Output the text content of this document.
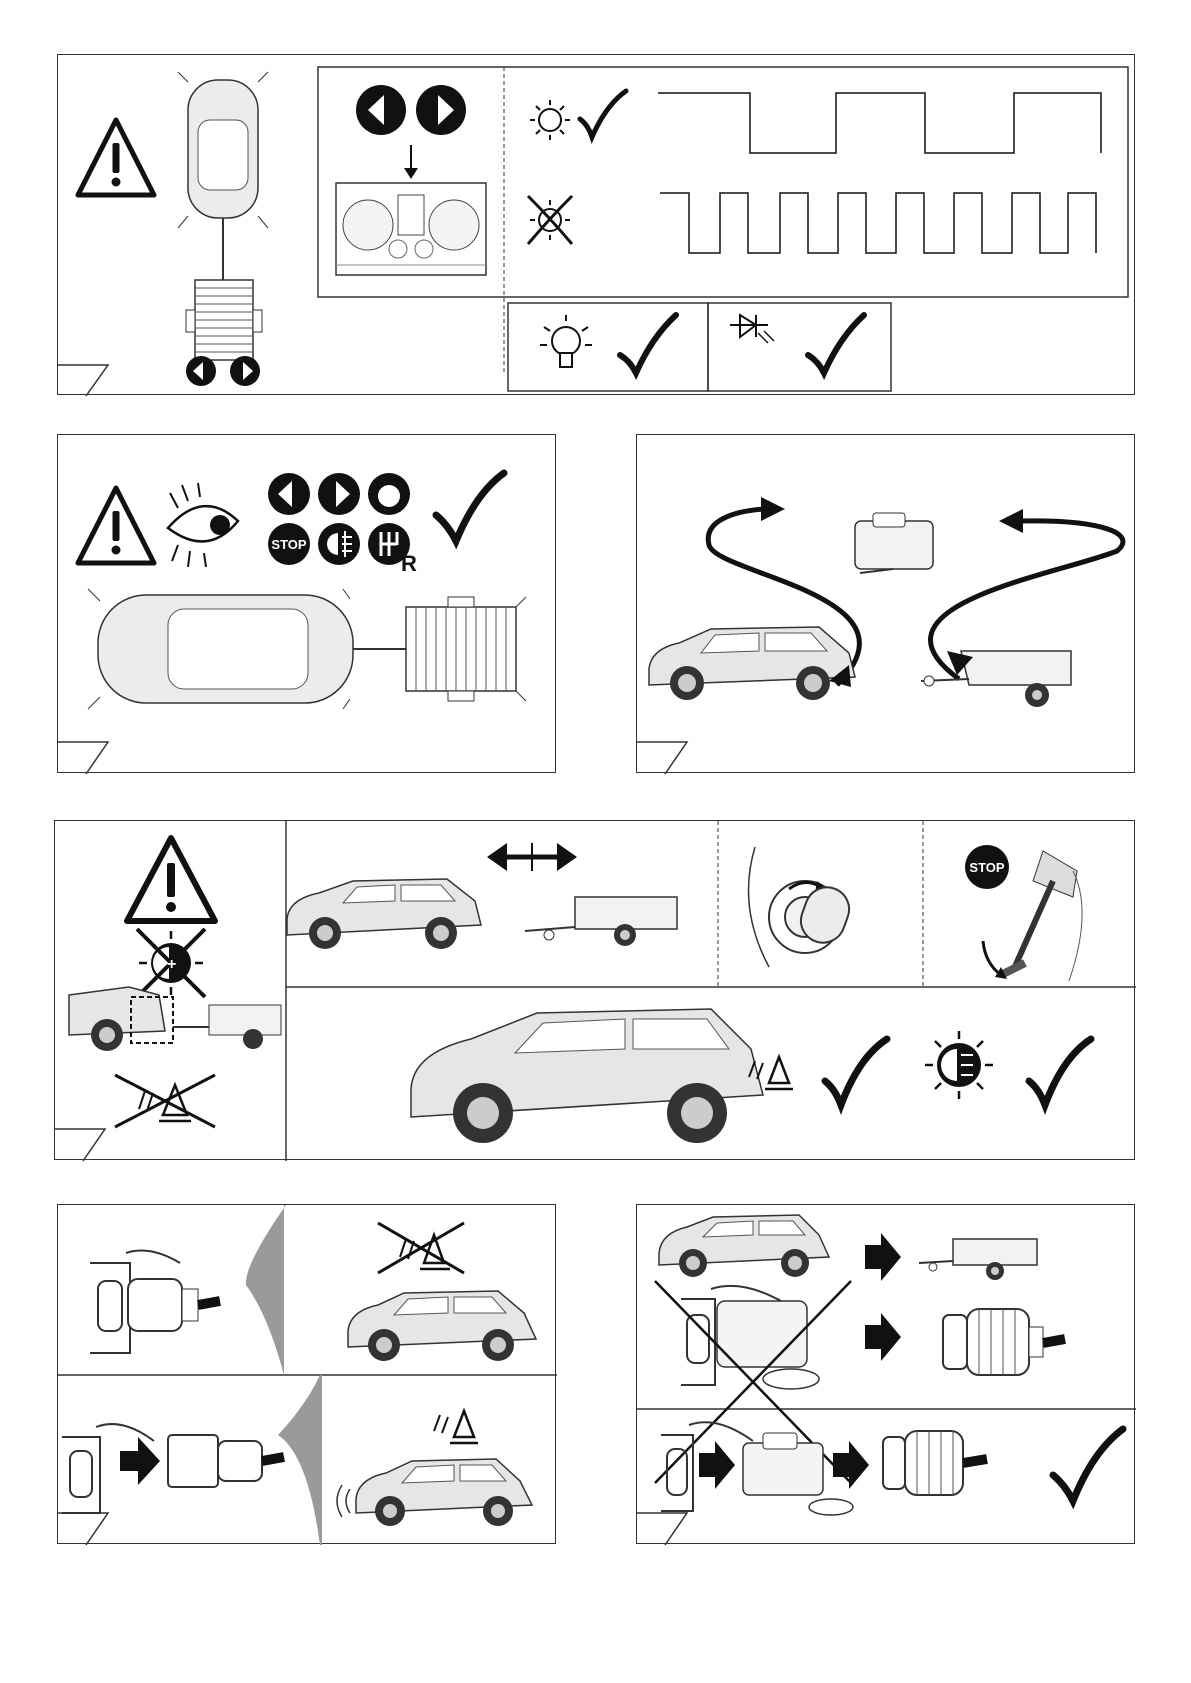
STOP
R
+
STOP
